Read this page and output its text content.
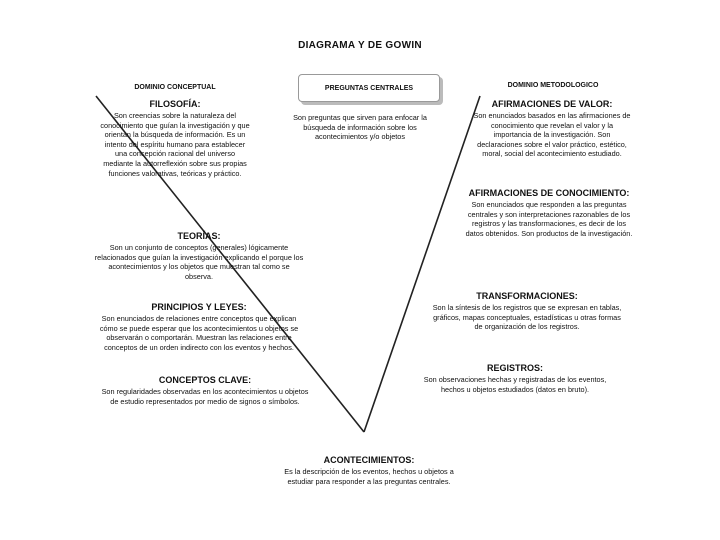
DIAGRAMA Y DE GOWIN
DOMINIO CONCEPTUAL	PREGUNTAS CENTRALES	DOMINIO METODOLOGICO
Son preguntas que sirven para enfocar la búsqueda de información sobre los acontecimientos y/o objetos
FILOSOFÍA:
Son creencias sobre la naturaleza del conocimiento que guían la investigación y que orientan la búsqueda de información. Es un intento del espíritu humano para establecer una concepción racional del universo mediante la autorreflexión sobre sus propias funciones valorativas, teóricas y práctico.
TEORÍAS:
Son un conjunto de conceptos (generales) lógicamente relacionados que guían la investigación explicando el porque los acontecimientos y los objetos que muestran tal como se observa.
PRINCIPIOS Y LEYES:
Son enunciados de relaciones entre conceptos que explican cómo se puede esperar que los acontecimientos u objetos se observarán o comportarán. Muestran las relaciones entre conceptos de un orden indirecto con los eventos y hechos.
CONCEPTOS CLAVE:
Son regularidades observadas en los acontecimientos u objetos de estudio representados por medio de signos o símbolos.
AFIRMACIONES DE VALOR:
Son enunciados basados en las afirmaciones de conocimiento que revelan el valor y la importancia de la investigación. Son declaraciones sobre el valor práctico, estético, moral, social del acontecimiento estudiado.
AFIRMACIONES DE CONOCIMIENTO:
Son enunciados que responden a las preguntas centrales y son interpretaciones razonables de los registros y las transformaciones, es decir de los datos obtenidos. Son productos de la investigación.
TRANSFORMACIONES:
Son la síntesis de los registros que se expresan en tablas, gráficos, mapas conceptuales, estadísticas u otras formas de organización de los registros.
REGISTROS:
Son observaciones hechas y registradas de los eventos, hechos u objetos estudiados (datos en bruto).
ACONTECIMIENTOS:
Es la descripción de los eventos, hechos u objetos a estudiar para responder a las preguntas centrales.
